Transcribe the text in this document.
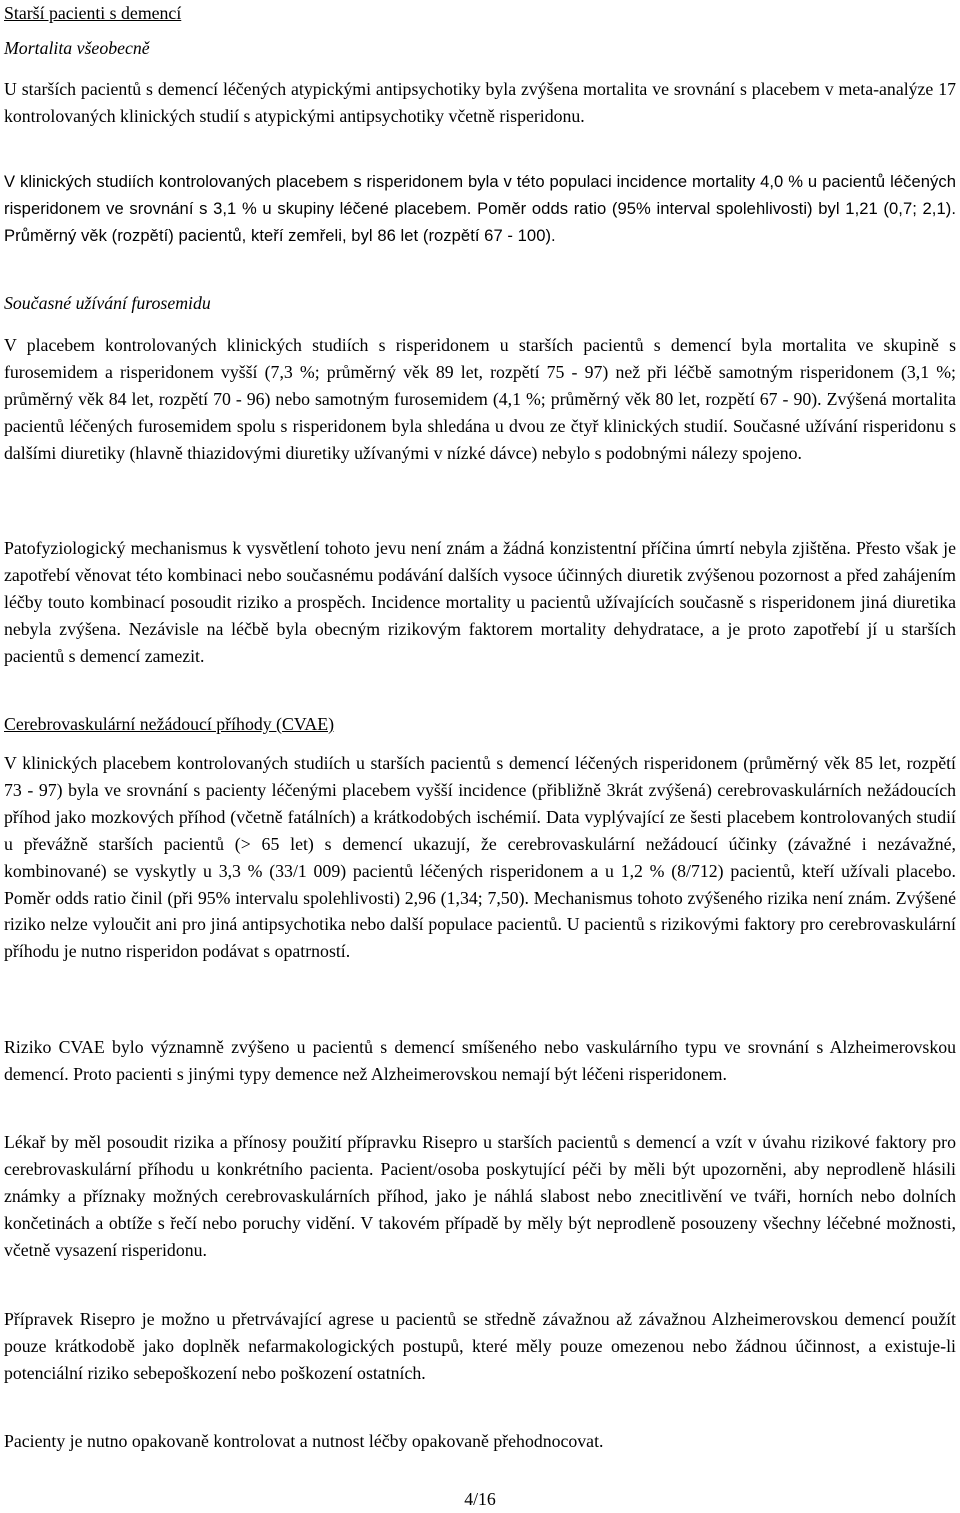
Starší pacienti s demencí
Mortalita všeobecně

U starších pacientů s demencí léčených atypickými antipsychotiky byla zvýšena mortalita ve srovnání s placebem v meta-analýze 17 kontrolovaných klinických studií s atypickými antipsychotiky včetně risperidonu.

V klinických studiích kontrolovaných placebem s risperidonem byla v této populaci incidence mortality 4,0 % u pacientů léčených risperidonem ve srovnání s 3,1 % u skupiny léčené placebem. Poměr odds ratio (95% interval spolehlivosti) byl 1,21 (0,7; 2,1). Průměrný věk (rozpětí) pacientů, kteří zemřeli, byl 86 let (rozpětí 67 - 100).

Současné užívání furosemidu

V placebem kontrolovaných klinických studiích s risperidonem u starších pacientů s demencí byla mortalita ve skupině s furosemidem a risperidonem vyšší (7,3 %; průměrný věk 89 let, rozpětí 75 - 97) než při léčbě samotným risperidonem (3,1 %; průměrný věk 84 let, rozpětí 70 - 96) nebo samotným furosemidem (4,1 %; průměrný věk 80 let, rozpětí 67 - 90). Zvýšená mortalita pacientů léčených furosemidem spolu s risperidonem byla shledána u dvou ze čtyř klinických studií. Současné užívání risperidonu s dalšími diuretiky (hlavně thiazidovými diuretiky užívanými v nízké dávce) nebylo s podobnými nálezy spojeno.

Patofyziologický mechanismus k vysvětlení tohoto jevu není znám a žádná konzistentní příčina úmrtí nebyla zjištěna. Přesto však je zapotřebí věnovat této kombinaci nebo současnému podávání dalších vysoce účinných diuretik zvýšenou pozornost a před zahájením léčby touto kombinací posoudit riziko a prospěch. Incidence mortality u pacientů užívajících současně s risperidonem jiná diuretika nebyla zvýšena. Nezávisle na léčbě byla obecným rizikovým faktorem mortality dehydratace, a je proto zapotřebí jí u starších pacientů s demencí zamezit.

Cerebrovaskulární nežádoucí příhody (CVAE)

V klinických placebem kontrolovaných studiích u starších pacientů s demencí léčených risperidonem (průměrný věk 85 let, rozpětí 73 - 97) byla ve srovnání s pacienty léčenými placebem vyšší incidence (přibližně 3krát zvýšená) cerebrovaskulárních nežádoucích příhod jako mozkových příhod (včetně fatálních) a krátkodobých ischémií. Data vyplývající ze šesti placebem kontrolovaných studií u převážně starších pacientů (> 65 let) s demencí ukazují, že cerebrovaskulární nežádoucí účinky (závažné i nezávažné, kombinované) se vyskytly u 3,3 % (33/1 009) pacientů léčených risperidonem a u 1,2 % (8/712) pacientů, kteří užívali placebo. Poměr odds ratio činil (při 95% intervalu spolehlivosti) 2,96 (1,34; 7,50). Mechanismus tohoto zvýšeného rizika není znám. Zvýšené riziko nelze vyloučit ani pro jiná antipsychotika nebo další populace pacientů. U pacientů s rizikovými faktory pro cerebrovaskulární příhodu je nutno risperidon podávat s opatrností.

Riziko CVAE bylo významně zvýšeno u pacientů s demencí smíšeného nebo vaskulárního typu ve srovnání s Alzheimerovskou demencí. Proto pacienti s jinými typy demence než Alzheimerovskou nemají být léčeni risperidonem.

Lékař by měl posoudit rizika a přínosy použití přípravku Risepro u starších pacientů s demencí a vzít v úvahu rizikové faktory pro cerebrovaskulární příhodu u konkrétního pacienta. Pacient/osoba poskytující péči by měli být upozorněni, aby neprodleně hlásili známky a příznaky možných cerebrovaskulárních příhod, jako je náhlá slabost nebo znecitlivění ve tváři, horních nebo dolních končetinách a obtíže s řečí nebo poruchy vidění. V takovém případě by měly být neprodleně posouzeny všechny léčebné možnosti, včetně vysazení risperidonu.

Přípravek Risepro je možno u přetrvávající agrese u pacientů se středně závažnou až závažnou Alzheimerovskou demencí použít pouze krátkodobě jako doplněk nefarmakologických postupů, které měly pouze omezenou nebo žádnou účinnost, a existuje-li potenciální riziko sebepoškození nebo poškození ostatních.

Pacienty je nutno opakovaně kontrolovat a nutnost léčby opakovaně přehodnocovat.

4/16
